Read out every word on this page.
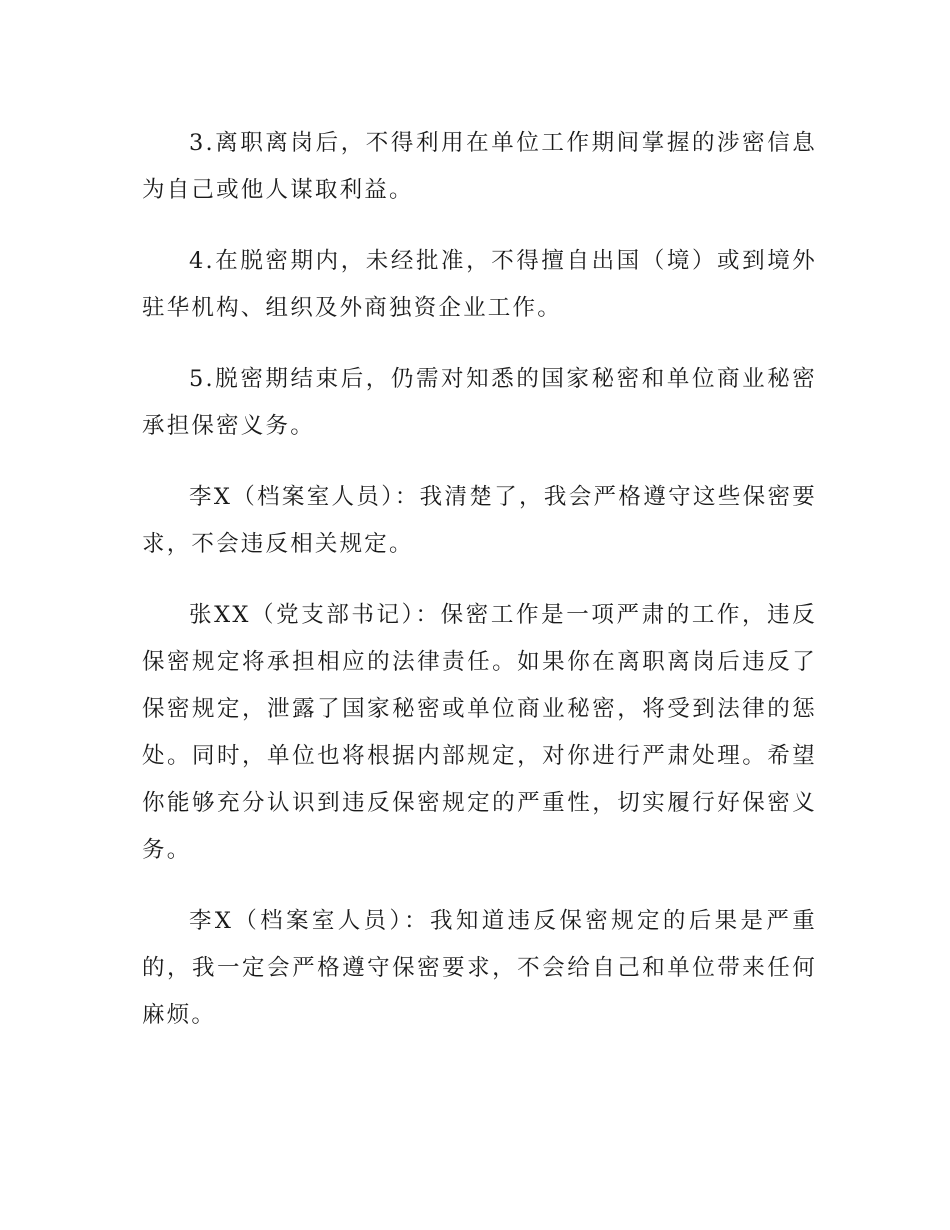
3.离职离岗后，不得利用在单位工作期间掌握的涉密信息为自己或他人谋取利益。

4.在脱密期内，未经批准，不得擅自出国（境）或到境外驻华机构、组织及外商独资企业工作。

5.脱密期结束后，仍需对知悉的国家秘密和单位商业秘密承担保密义务。

李X（档案室人员）：我清楚了，我会严格遵守这些保密要求，不会违反相关规定。

张XX（党支部书记）：保密工作是一项严肃的工作，违反保密规定将承担相应的法律责任。如果你在离职离岗后违反了保密规定，泄露了国家秘密或单位商业秘密，将受到法律的惩处。同时，单位也将根据内部规定，对你进行严肃处理。希望你能够充分认识到违反保密规定的严重性，切实履行好保密义务。

李X（档案室人员）：我知道违反保密规定的后果是严重的，我一定会严格遵守保密要求，不会给自己和单位带来任何麻烦。
